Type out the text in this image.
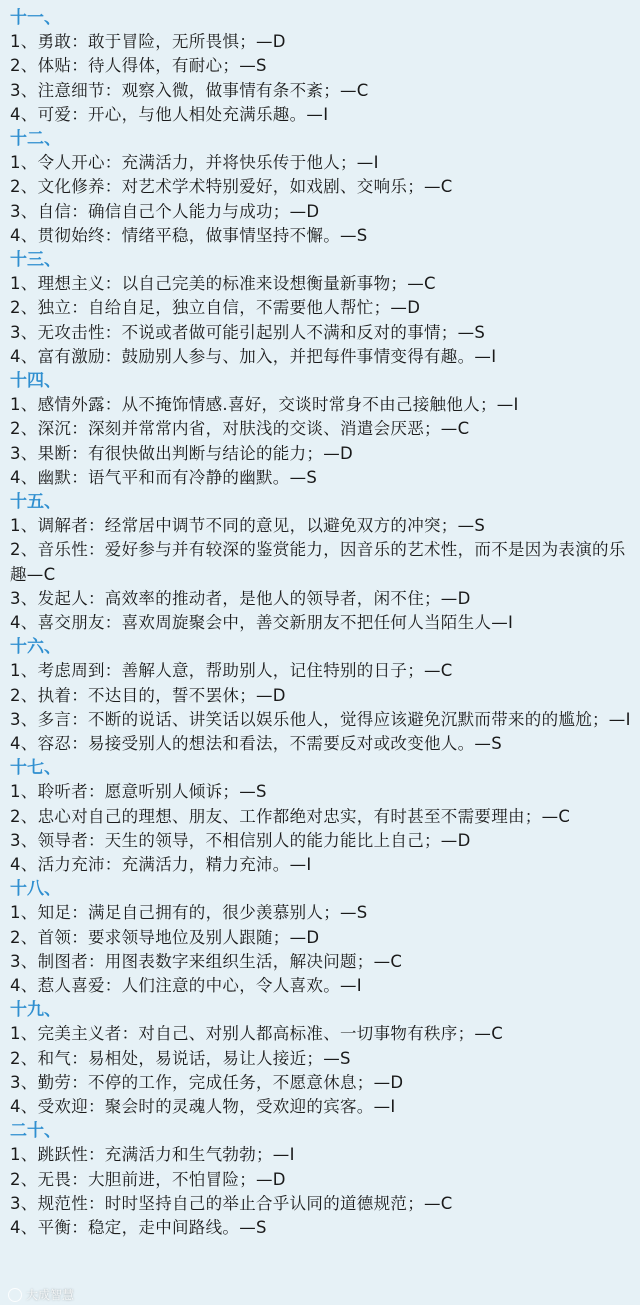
十一、
1、勇敢：敢于冒险，无所畏惧；—D
2、体贴：待人得体，有耐心；—S
3、注意细节：观察入微，做事情有条不紊；—C
4、可爱：开心，与他人相处充满乐趣。—I
十二、
1、令人开心：充满活力，并将快乐传于他人；—I
2、文化修养：对艺术学术特别爱好，如戏剧、交响乐；—C
3、自信：确信自己个人能力与成功；—D
4、贯彻始终：情绪平稳，做事情坚持不懈。—S
十三、
1、理想主义：以自己完美的标准来设想衡量新事物；—C
2、独立：自给自足，独立自信，不需要他人帮忙；—D
3、无攻击性：不说或者做可能引起别人不满和反对的事情；—S
4、富有激励：鼓励别人参与、加入，并把每件事情变得有趣。—I
十四、
1、感情外露：从不掩饰情感.喜好，交谈时常身不由己接触他人；—I
2、深沉：深刻并常常内省，对肤浅的交谈、消遣会厌恶；—C
3、果断：有很快做出判断与结论的能力；—D
4、幽默：语气平和而有冷静的幽默。—S
十五、
1、调解者：经常居中调节不同的意见，以避免双方的冲突；—S
2、音乐性：爱好参与并有较深的鉴赏能力，因音乐的艺术性，而不是因为表演的乐趣—C
3、发起人：高效率的推动者，是他人的领导者，闲不住；—D
4、喜交朋友：喜欢周旋聚会中，善交新朋友不把任何人当陌生人—I
十六、
1、考虑周到：善解人意，帮助别人，记住特别的日子；—C
2、执着：不达目的，誓不罢休；—D
3、多言：不断的说话、讲笑话以娱乐他人，觉得应该避免沉默而带来的的尴尬；—I
4、容忍：易接受别人的想法和看法，不需要反对或改变他人。—S
十七、
1、聆听者：愿意听别人倾诉；—S
2、忠心对自己的理想、朋友、工作都绝对忠实，有时甚至不需要理由；—C
3、领导者：天生的领导，不相信别人的能力能比上自己；—D
4、活力充沛：充满活力，精力充沛。—I
十八、
1、知足：满足自己拥有的，很少羡慕别人；—S
2、首领：要求领导地位及别人跟随；—D
3、制图者：用图表数字来组织生活，解决问题；—C
4、惹人喜爱：人们注意的中心，令人喜欢。—I
十九、
1、完美主义者：对自己、对别人都高标准、一切事物有秩序；—C
2、和气：易相处，易说话，易让人接近；—S
3、勤劳：不停的工作，完成任务，不愿意休息；—D
4、受欢迎：聚会时的灵魂人物，受欢迎的宾客。—I
二十、
1、跳跃性：充满活力和生气勃勃；—I
2、无畏：大胆前进，不怕冒险；—D
3、规范性：时时坚持自己的举止合乎认同的道德规范；—C
4、平衡：稳定，走中间路线。—S
大成智慧
